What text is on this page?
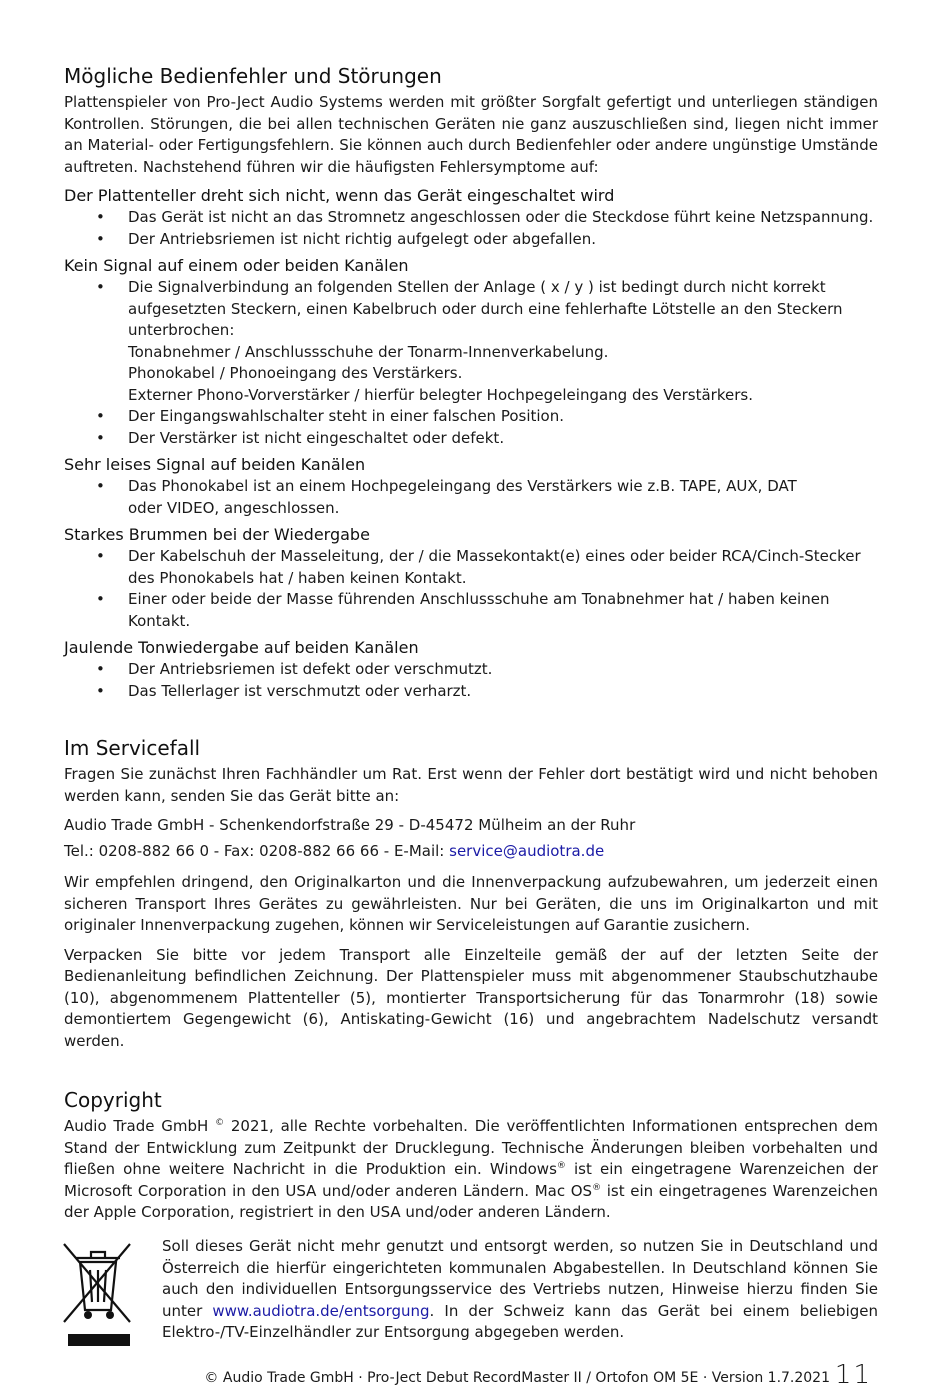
Mögliche Bedienfehler und Störungen

Plattenspieler von Pro-Ject Audio Systems werden mit größter Sorgfalt gefertigt und unterliegen ständigen Kontrollen. Störungen, die bei allen technischen Geräten nie ganz auszuschließen sind, liegen nicht immer an Material- oder Fertigungsfehlern. Sie können auch durch Bedienfehler oder andere ungünstige Umstände auftreten. Nachstehend führen wir die häufigsten Fehlersymptome auf:

Der Plattenteller dreht sich nicht, wenn das Gerät eingeschaltet wird
• Das Gerät ist nicht an das Stromnetz angeschlossen oder die Steckdose führt keine Netzspannung.
• Der Antriebsriemen ist nicht richtig aufgelegt oder abgefallen.
Kein Signal auf einem oder beiden Kanälen
• Die Signalverbindung an folgenden Stellen der Anlage ( x / y ) ist bedingt durch nicht korrekt aufgesetzten Steckern, einen Kabelbruch oder durch eine fehlerhafte Lötstelle an den Steckern unterbrochen:
Tonabnehmer / Anschlussschuhe der Tonarm-Innenverkabelung.
Phonokabel / Phonoeingang des Verstärkers.
Externer Phono-Vorverstärker / hierfür belegter Hochpegeleingang des Verstärkers.
• Der Eingangswahlschalter steht in einer falschen Position.
• Der Verstärker ist nicht eingeschaltet oder defekt.
Sehr leises Signal auf beiden Kanälen
• Das Phonokabel ist an einem Hochpegeleingang des Verstärkers wie z.B. TAPE, AUX, DAT oder VIDEO, angeschlossen.
Starkes Brummen bei der Wiedergabe
• Der Kabelschuh der Masseleitung, der / die Massekontakt(e) eines oder beider RCA/Cinch-Stecker des Phonokabels hat / haben keinen Kontakt.
• Einer oder beide der Masse führenden Anschlussschuhe am Tonabnehmer hat / haben keinen Kontakt.
Jaulende Tonwiedergabe auf beiden Kanälen
• Der Antriebsriemen ist defekt oder verschmutzt.
• Das Tellerlager ist verschmutzt oder verharzt.
Im Servicefall

Fragen Sie zunächst Ihren Fachhändler um Rat. Erst wenn der Fehler dort bestätigt wird und nicht behoben werden kann, senden Sie das Gerät bitte an:

Audio Trade GmbH - Schenkendorfstraße 29 - D-45472 Mülheim an der Ruhr

Tel.: 0208-882 66 0 - Fax: 0208-882 66 66 - E-Mail: service@audiotra.de

Wir empfehlen dringend, den Originalkarton und die Innenverpackung aufzubewahren, um jederzeit einen sicheren Transport Ihres Gerätes zu gewährleisten. Nur bei Geräten, die uns im Originalkarton und mit originaler Innenverpackung zugehen, können wir Serviceleistungen auf Garantie zusichern.

Verpacken Sie bitte vor jedem Transport alle Einzelteile gemäß der auf der letzten Seite der Bedienanleitung befindlichen Zeichnung. Der Plattenspieler muss mit abgenommener Staubschutzhaube (10), abgenommenem Plattenteller (5), montierter Transportsicherung für das Tonarmrohr (18) sowie demontiertem Gegengewicht (6), Antiskating-Gewicht (16) und angebrachtem Nadelschutz versandt werden.

Copyright

Audio Trade GmbH © 2021, alle Rechte vorbehalten. Die veröffentlichten Informationen entsprechen dem Stand der Entwicklung zum Zeitpunkt der Drucklegung. Technische Änderungen bleiben vorbehalten und fließen ohne weitere Nachricht in die Produktion ein. Windows® ist ein eingetragene Warenzeichen der Microsoft Corporation in den USA und/oder anderen Ländern. Mac OS® ist ein eingetragenes Warenzeichen der Apple Corporation, registriert in den USA und/oder anderen Ländern.

Soll dieses Gerät nicht mehr genutzt und entsorgt werden, so nutzen Sie in Deutschland und Österreich die hierfür eingerichteten kommunalen Abgabestellen. In Deutschland können Sie auch den individuellen Entsorgungsservice des Vertriebs nutzen, Hinweise hierzu finden Sie unter www.audiotra.de/entsorgung. In der Schweiz kann das Gerät bei einem beliebigen Elektro-/TV-Einzelhändler zur Entsorgung abgegeben werden.

© Audio Trade GmbH · Pro-Ject Debut RecordMaster II / Ortofon OM 5E · Version 1.7.2021 11
